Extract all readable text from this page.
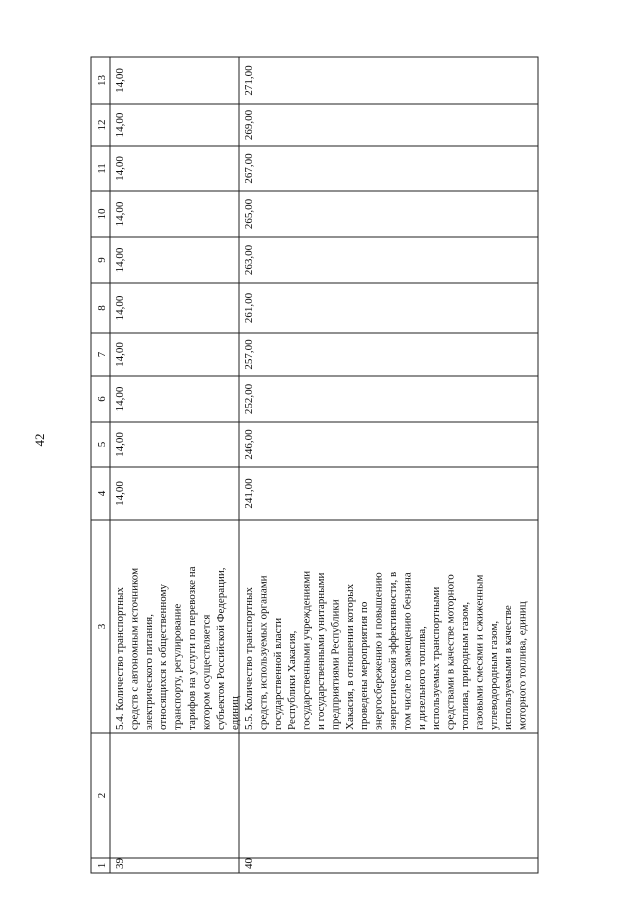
42
1
2
3
4
5
6
7
8
9
10
11
12
13
39
5.4. Количество транспортных средств с автономным источником электрического питания, относящихся к общественному транспорту, регулирование тарифов на услуги по перевозке на котором осуществляется субъектом Российской Федерации, единиц
14,00
14,00
14,00
14,00
14,00
14,00
14,00
14,00
14,00
14,00
40
5.5. Количество транспортных средств, используемых органами государственной власти Республики Хакасия, государственными учреждениями и государственными унитарными предприятиями Республики Хакасия, в отношении которых проведены мероприятия по энергосбережению и повышению энергетической эффективности, в том числе по замещению бензина и дизельного топлива, используемых транспортными средствами в качестве моторного топлива, природным газом, газовыми смесями и сжиженным углеводородным газом, используемыми в качестве моторного топлива, единиц
241,00
246,00
252,00
257,00
261,00
263,00
265,00
267,00
269,00
271,00
